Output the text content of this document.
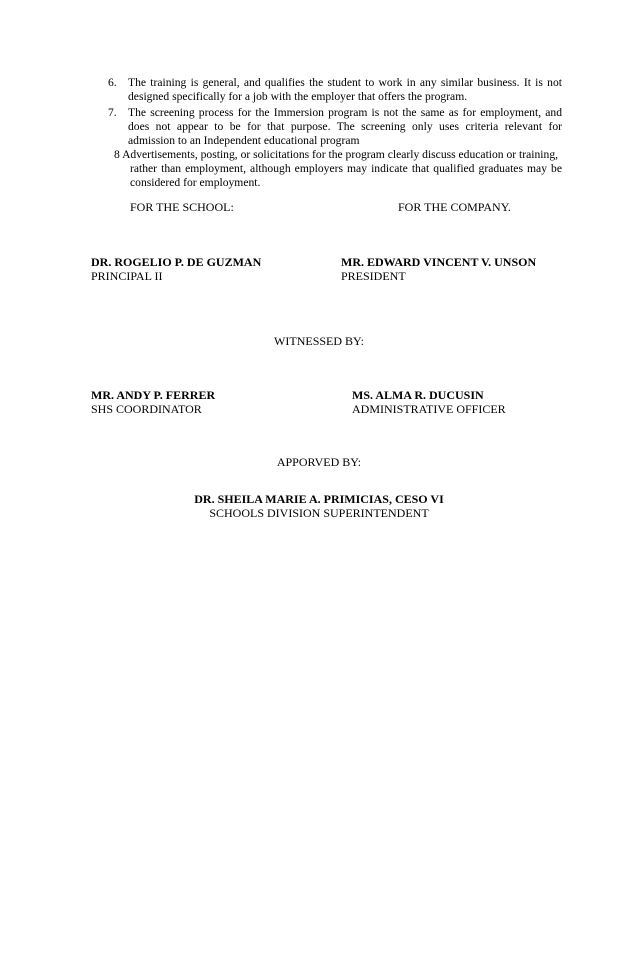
6. The training is general, and qualifies the student to work in any similar business. It is not designed specifically for a job with the employer that offers the program.
7. The screening process for the Immersion program is not the same as for employment, and does not appear to be for that purpose. The screening only uses criteria relevant for admission to an Independent educational program
8 Advertisements, posting, or solicitations for the program clearly discuss education or training,
rather than employment, although employers may indicate that qualified graduates may be considered for employment.
FOR THE SCHOOL:	FOR THE COMPANY.
DR. ROGELIO P. DE GUZMAN
PRINCIPAL II
MR. EDWARD VINCENT V. UNSON
PRESIDENT
WITNESSED BY:
MR. ANDY P. FERRER
SHS COORDINATOR
MS. ALMA R. DUCUSIN
ADMINISTRATIVE OFFICER
APPORVED BY:
DR. SHEILA MARIE A. PRIMICIAS, CESO VI
SCHOOLS DIVISION SUPERINTENDENT
